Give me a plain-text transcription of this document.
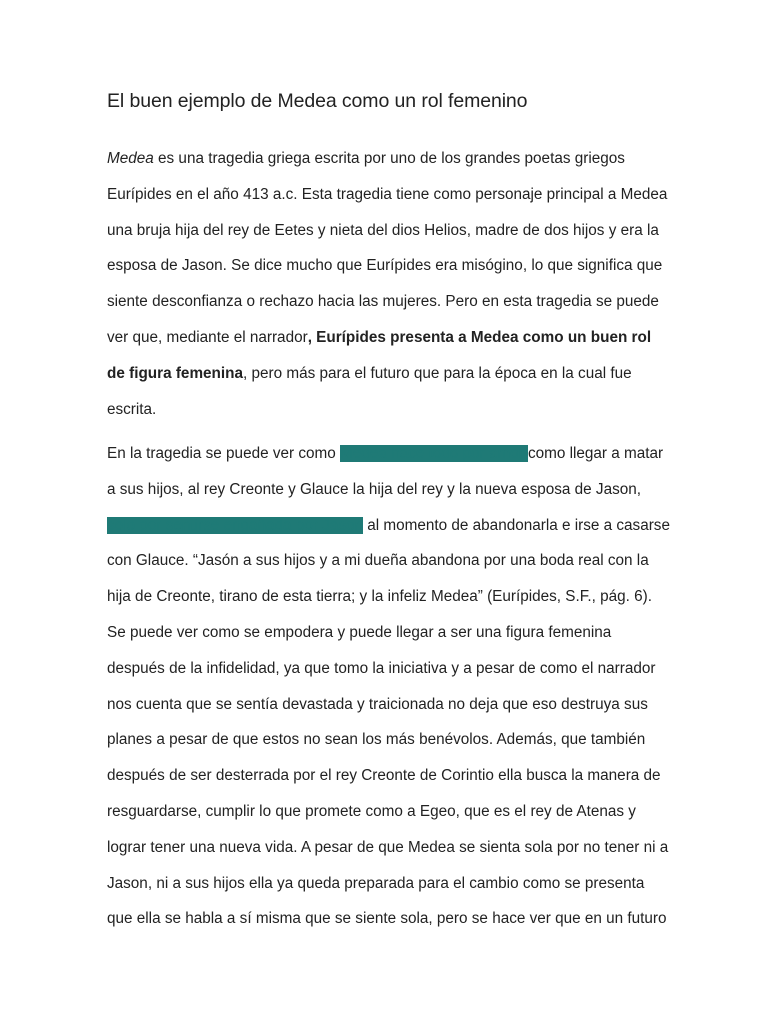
El buen ejemplo de Medea como un rol femenino

Medea es una tragedia griega escrita por uno de los grandes poetas griegos
Eurípides en el año 413 a.c. Esta tragedia tiene como personaje principal a Medea
una bruja hija del rey de Eetes y nieta del dios Helios, madre de dos hijos y era la
esposa de Jason. Se dice mucho que Eurípides era misógino, lo que significa que
siente desconfianza o rechazo hacia las mujeres. Pero en esta tragedia se puede
ver que, mediante el narrador, Eurípides presenta a Medea como un buen rol
de figura femenina, pero más para el futuro que para la época en la cual fue
escrita.

En la tragedia se puede ver como Medea hace todo por amor como llegar a matar
a sus hijos, al rey Creonte y Glauce la hija del rey y la nueva esposa de Jason,
solo por sentirse engañada por Jason al momento de abandonarla e irse a casarse
con Glauce. “Jasón a sus hijos y a mi dueña abandona por una boda real con la
hija de Creonte, tirano de esta tierra; y la infeliz Medea” (Eurípides, S.F., pág. 6).
Se puede ver como se empodera y puede llegar a ser una figura femenina
después de la infidelidad, ya que tomo la iniciativa y a pesar de como el narrador
nos cuenta que se sentía devastada y traicionada no deja que eso destruya sus
planes a pesar de que estos no sean los más benévolos. Además, que también
después de ser desterrada por el rey Creonte de Corintio ella busca la manera de
resguardarse, cumplir lo que promete como a Egeo, que es el rey de Atenas y
lograr tener una nueva vida. A pesar de que Medea se sienta sola por no tener ni a
Jason, ni a sus hijos ella ya queda preparada para el cambio como se presenta
que ella se habla a sí misma que se siente sola, pero se hace ver que en un futuro
